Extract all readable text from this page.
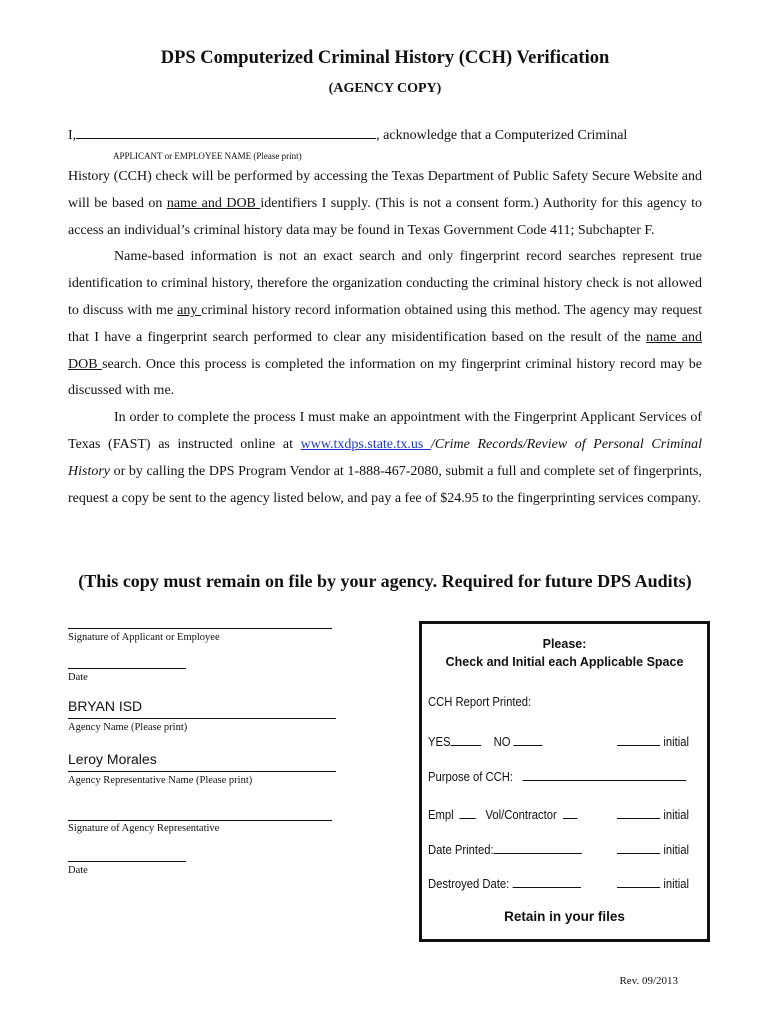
DPS Computerized Criminal History (CCH) Verification
(AGENCY COPY)
I,	, acknowledge that a Computerized Criminal
APPLICANT or EMPLOYEE NAME (Please print)

History (CCH) check will be performed by accessing the Texas Department of Public Safety Secure Website and will be based on name and DOB identifiers I supply. (This is not a consent form.) Authority for this agency to access an individual’s criminal history data may be found in Texas Government Code 411; Subchapter F.

Name-based information is not an exact search and only fingerprint record searches represent true identification to criminal history, therefore the organization conducting the criminal history check is not allowed to discuss with me any criminal history record information obtained using this method. The agency may request that I have a fingerprint search performed to clear any misidentification based on the result of the name and DOB search. Once this process is completed the information on my fingerprint criminal history record may be discussed with me.

In order to complete the process I must make an appointment with the Fingerprint Applicant Services of Texas (FAST) as instructed online at www.txdps.state.tx.us /Crime Records/Review of Personal Criminal History or by calling the DPS Program Vendor at 1-888-467-2080, submit a full and complete set of fingerprints, request a copy be sent to the agency listed below, and pay a fee of $24.95 to the fingerprinting services company.

(This copy must remain on file by your agency. Required for future DPS Audits)
Signature of Applicant or Employee
Date
BRYAN ISD
Agency Name (Please print)
Leroy Morales
Agency Representative Name (Please print)
Signature of Agency Representative
Date
Please:
Check and Initial each Applicable Space
CCH Report Printed:
YES	NO	initial
Purpose of CCH:
Empl	Vol/Contractor	initial
Date Printed:	initial
Destroyed Date:	initial
Retain in your files
Rev. 09/2013
